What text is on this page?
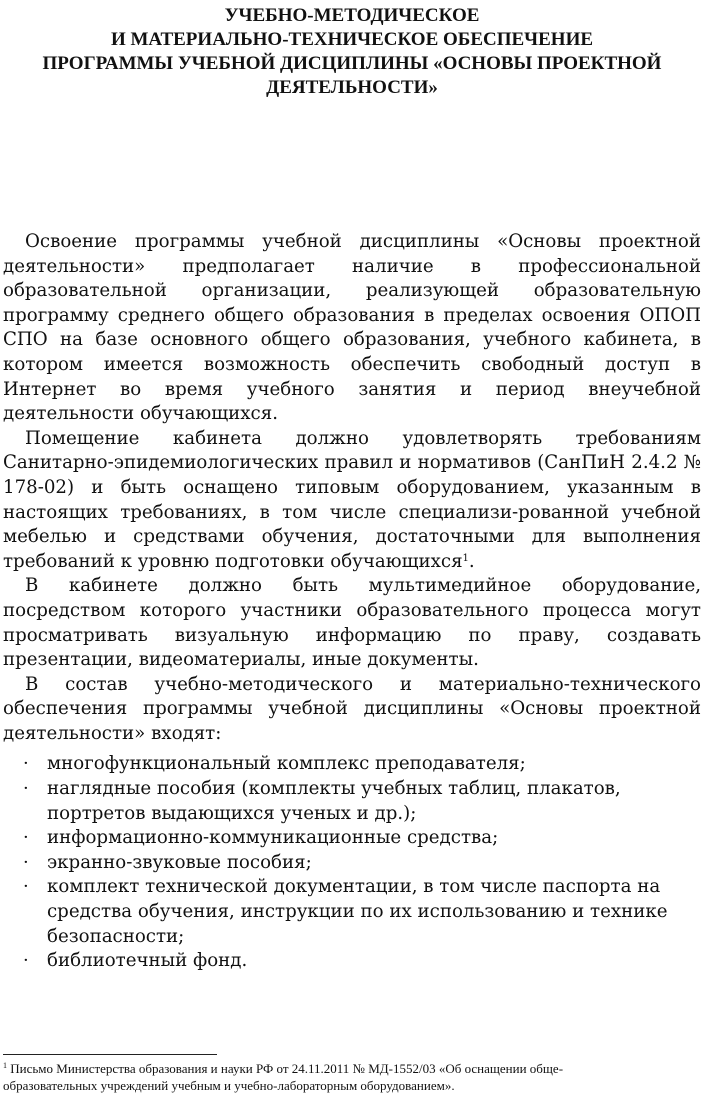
УЧЕБНО-МЕТОДИЧЕСКОЕ
И МАТЕРИАЛЬНО-ТЕХНИЧЕСКОЕ ОБЕСПЕЧЕНИЕ
ПРОГРАММЫ УЧЕБНОЙ ДИСЦИПЛИНЫ «ОСНОВЫ ПРОЕКТНОЙ
ДЕЯТЕЛЬНОСТИ»

Освоение программы учебной дисциплины «Основы проектной деятельности» предполагает наличие в профессиональной образовательной организации, реализующей образовательную программу среднего общего образования в пределах освоения ОПОП СПО на базе основного общего образования, учебного кабинета, в котором имеется возможность обеспечить свободный доступ в Интернет во время учебного занятия и период внеучебной деятельности обучающихся.

Помещение кабинета должно удовлетворять требованиям Санитарно-эпидемиологических правил и нормативов (СанПиН 2.4.2 № 178-02) и быть оснащено типовым оборудованием, указанным в настоящих требованиях, в том числе специализи-рованной учебной мебелью и средствами обучения, достаточными для выполнения требований к уровню подготовки обучающихся$^1$.

В кабинете должно быть мультимедийное оборудование, посредством которого участники образовательного процесса могут просматривать визуальную информацию по праву, создавать презентации, видеоматериалы, иные документы.

В состав учебно-методического и материально-технического обеспечения программы учебной дисциплины «Основы проектной деятельности» входят:

· многофункциональный комплекс преподавателя;
· наглядные пособия (комплекты учебных таблиц, плакатов, портретов выдающихся ученых и др.);
· информационно-коммуникационные средства;
· экранно-звуковые пособия;
· комплект технической документации, в том числе паспорта на средства обучения, инструкции по их использованию и технике безопасности;
· библиотечный фонд.
$^1$ Письмо Министерства образования и науки РФ от 24.11.2011 № МД-1552/03 «Об оснащении обще-
образовательных учреждений учебным и учебно-лабораторным оборудованием».
